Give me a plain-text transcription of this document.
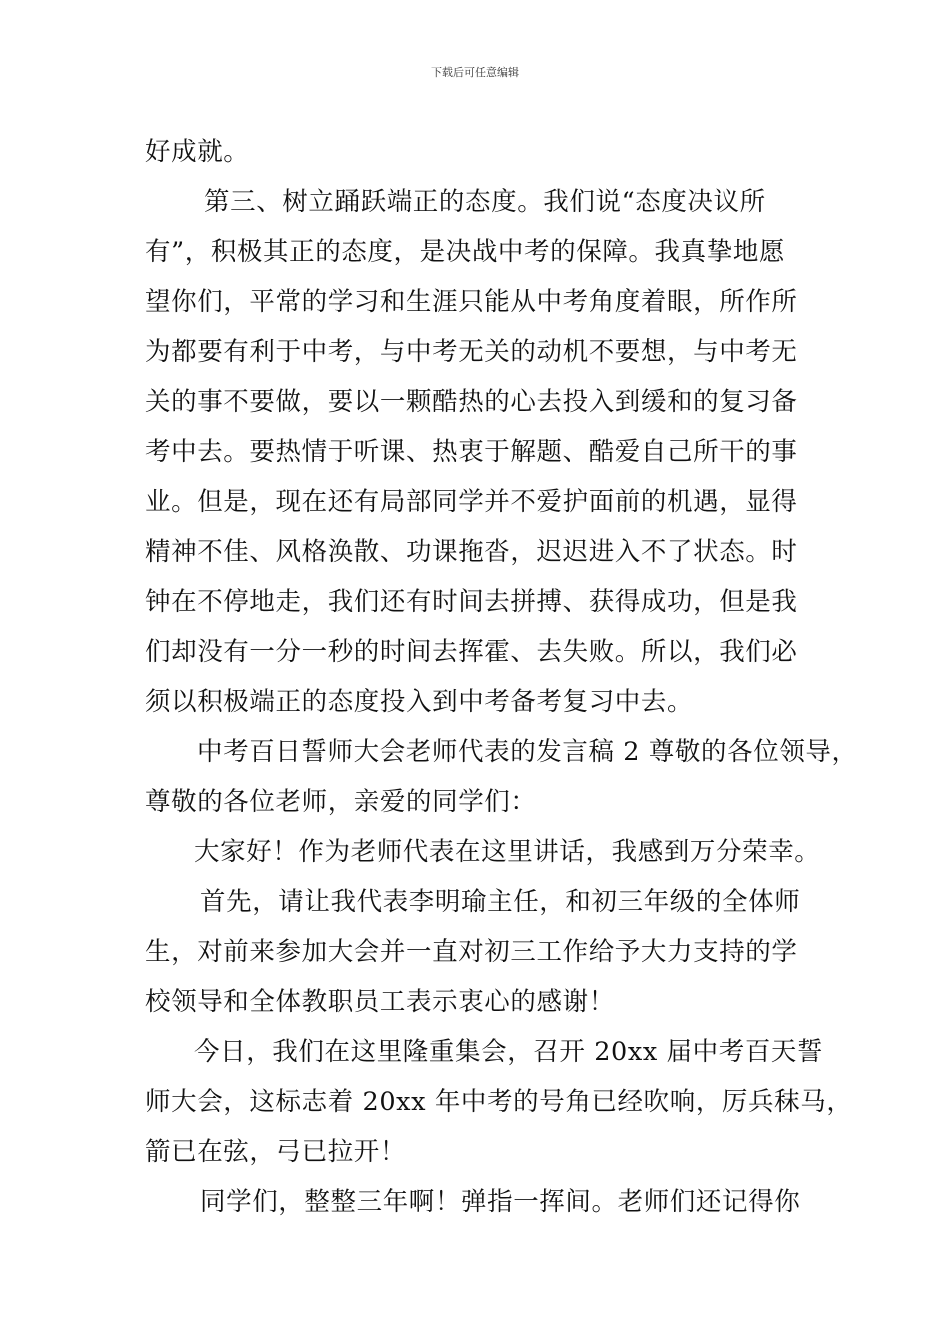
下载后可任意编辑
好成就。
第三、树立踊跃端正的态度。我们说“态度决议所
有”，积极其正的态度，是决战中考的保障。我真挚地愿
望你们，平常的学习和生涯只能从中考角度着眼，所作所
为都要有利于中考，与中考无关的动机不要想，与中考无
关的事不要做，要以一颗酷热的心去投入到缓和的复习备
考中去。要热情于听课、热衷于解题、酷爱自己所干的事
业。但是，现在还有局部同学并不爱护面前的机遇，显得
精神不佳、风格涣散、功课拖沓，迟迟进入不了状态。时
钟在不停地走，我们还有时间去拼搏、获得成功，但是我
们却没有一分一秒的时间去挥霍、去失败。所以，我们必
须以积极端正的态度投入到中考备考复习中去。
中考百日誓师大会老师代表的发言稿 2 尊敬的各位领导，
尊敬的各位老师，亲爱的同学们：
大家好！作为老师代表在这里讲话，我感到万分荣幸。
首先，请让我代表李明瑜主任，和初三年级的全体师
生，对前来参加大会并一直对初三工作给予大力支持的学
校领导和全体教职员工表示衷心的感谢！
今日，我们在这里隆重集会，召开 20xx 届中考百天誓
师大会，这标志着 20xx 年中考的号角已经吹响，厉兵秣马，
箭已在弦，弓已拉开！
同学们，整整三年啊！弹指一挥间。老师们还记得你
